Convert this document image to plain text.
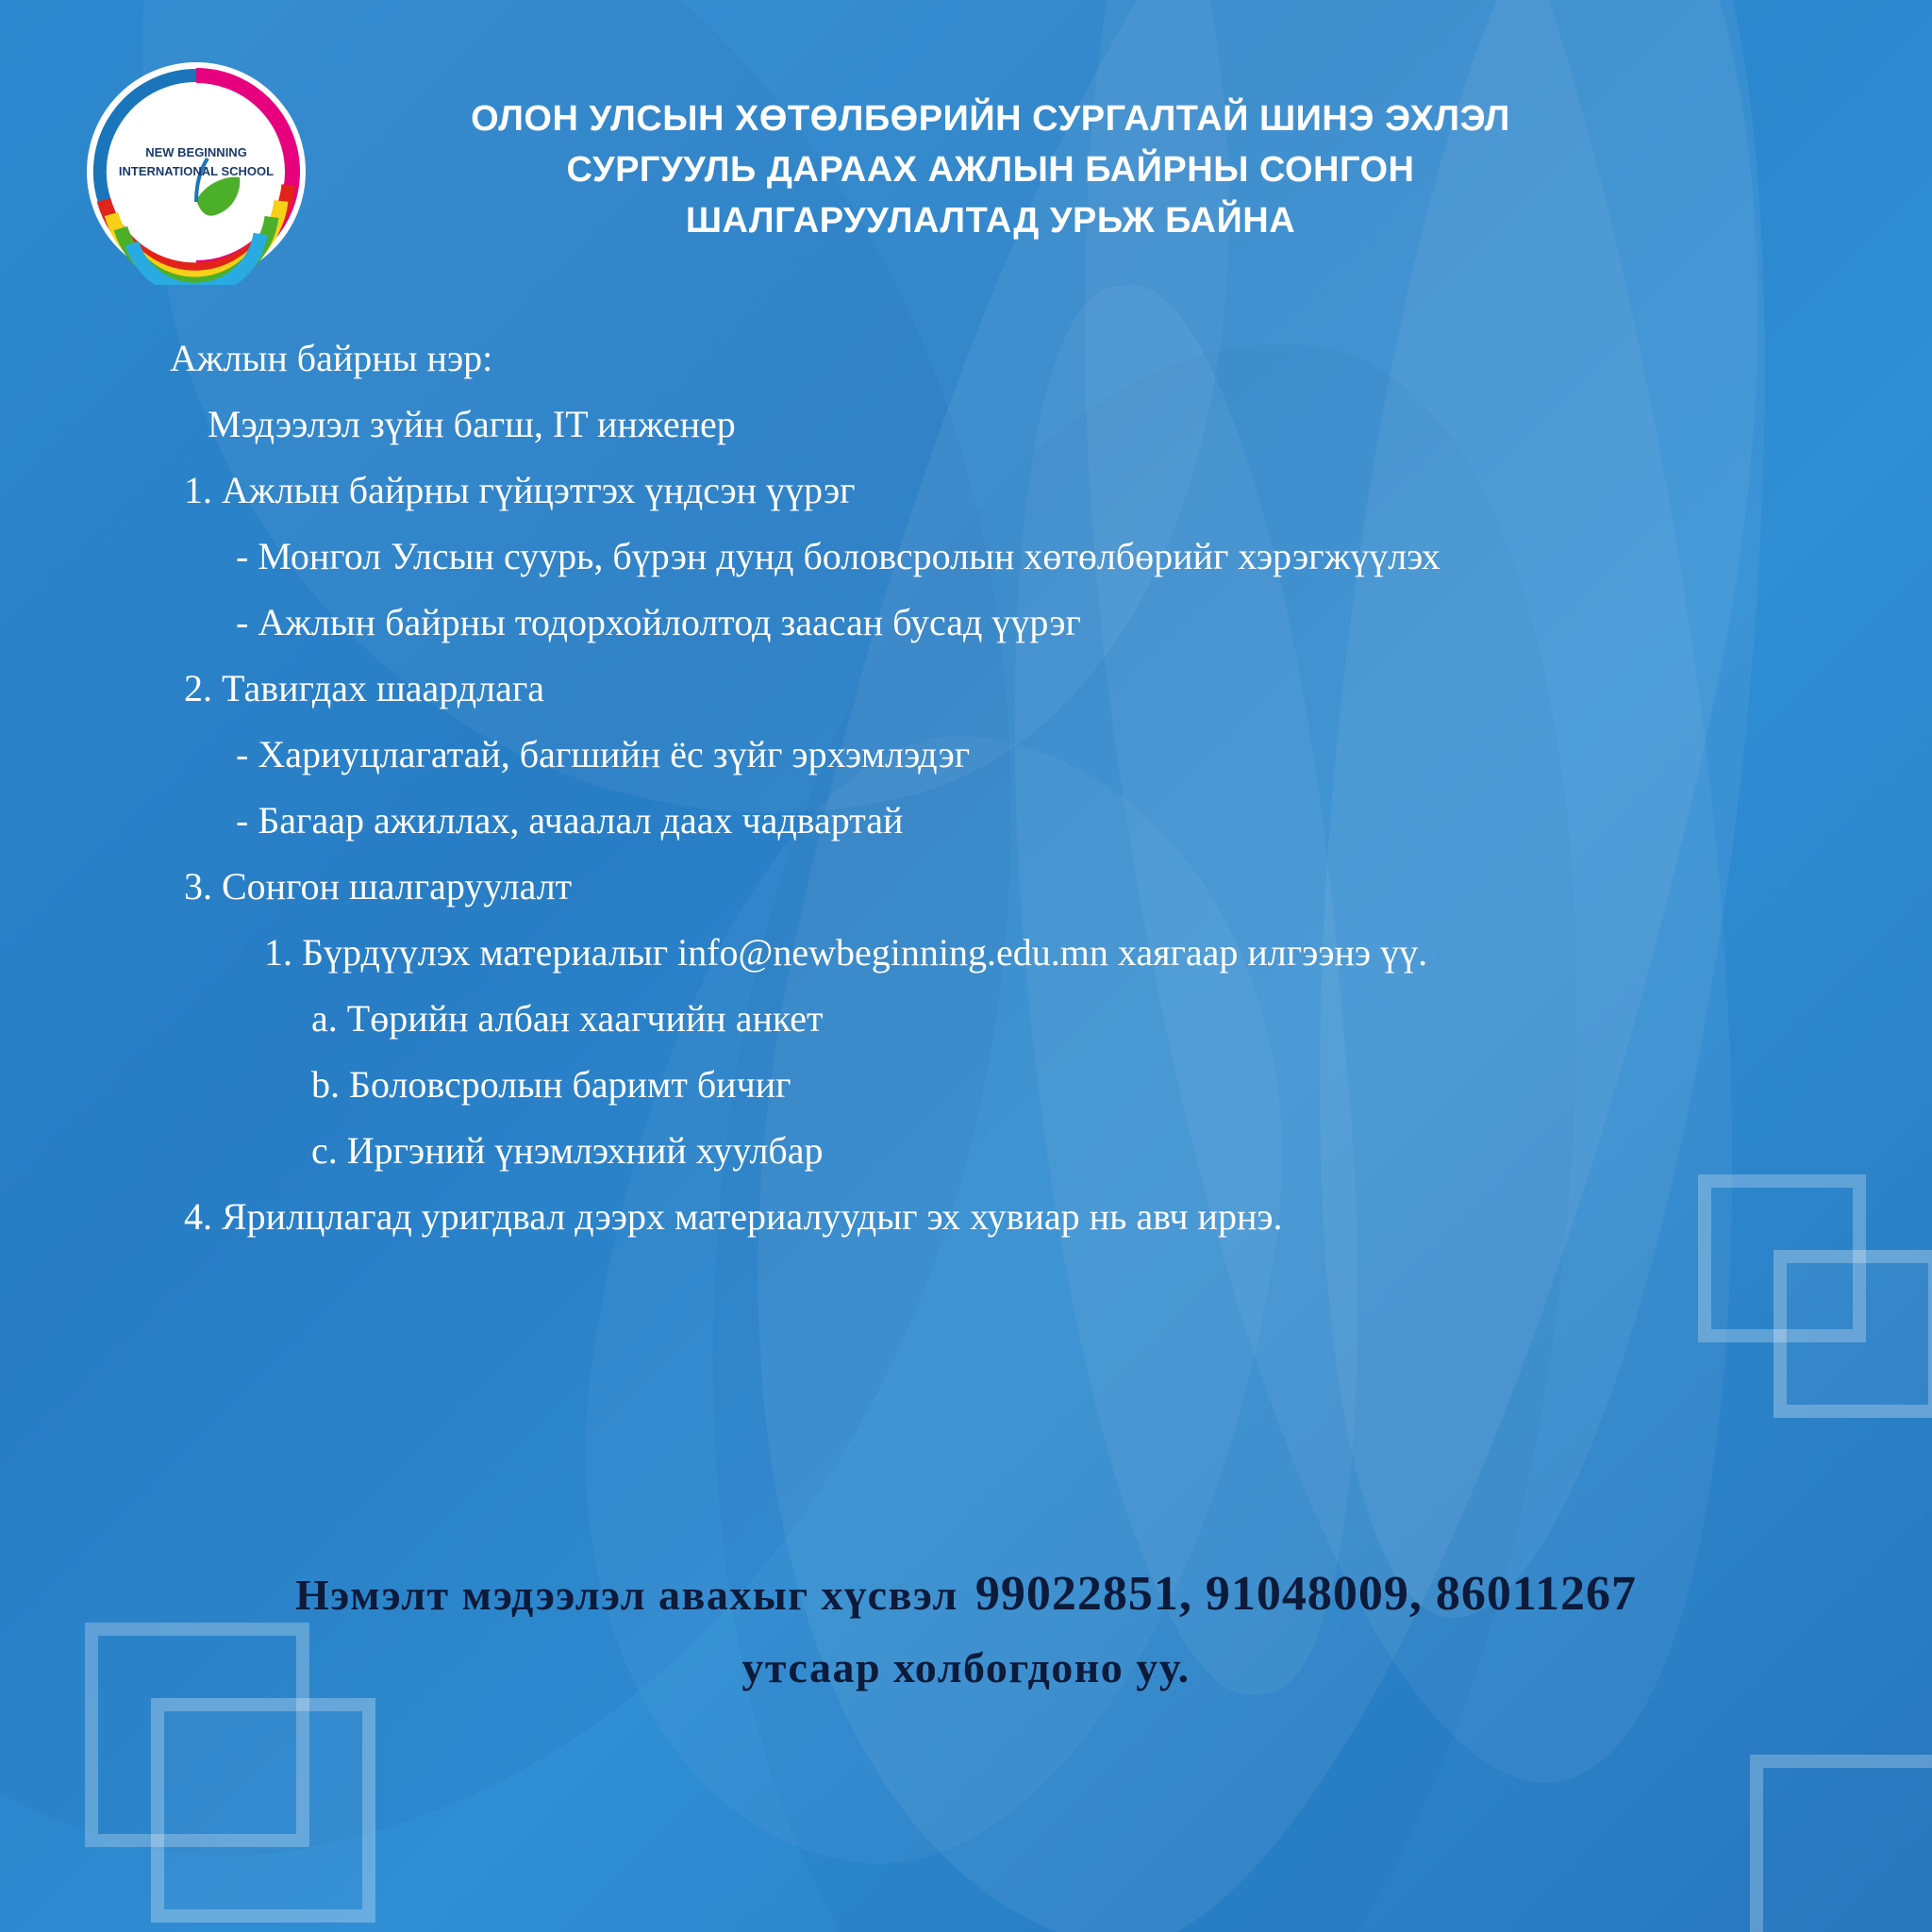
NEW BEGINNING
INTERNATIONAL SCHOOL
ОЛОН УЛСЫН ХӨТӨЛБӨРИЙН СУРГАЛТАЙ ШИНЭ ЭХЛЭЛ
СУРГУУЛЬ ДАРААХ АЖЛЫН БАЙРНЫ СОНГОН
ШАЛГАРУУЛАЛТАД УРЬЖ БАЙНА
Ажлын байрны нэр:
Мэдээлэл зүйн багш, IT инженер
1. Ажлын байрны гүйцэтгэх үндсэн үүрэг
- Монгол Улсын суурь, бүрэн дунд боловсролын хөтөлбөрийг хэрэгжүүлэх
- Ажлын байрны тодорхойлолтод заасан бусад үүрэг
2. Тавигдах шаардлага
- Хариуцлагатай, багшийн ёс зүйг эрхэмлэдэг
- Багаар ажиллах, ачаалал даах чадвартай
3. Сонгон шалгаруулалт
1. Бүрдүүлэх материалыг info@newbeginning.edu.mn хаягаар илгээнэ үү.
a. Төрийн албан хаагчийн анкет
b. Боловсролын баримт бичиг
c. Иргэний үнэмлэхний хуулбар
4. Ярилцлагад уригдвал дээрх материалуудыг эх хувиар нь авч ирнэ.
Нэмэлт мэдээлэл авахыг хүсвэл 99022851, 91048009, 86011267
утсаар холбогдоно уу.
